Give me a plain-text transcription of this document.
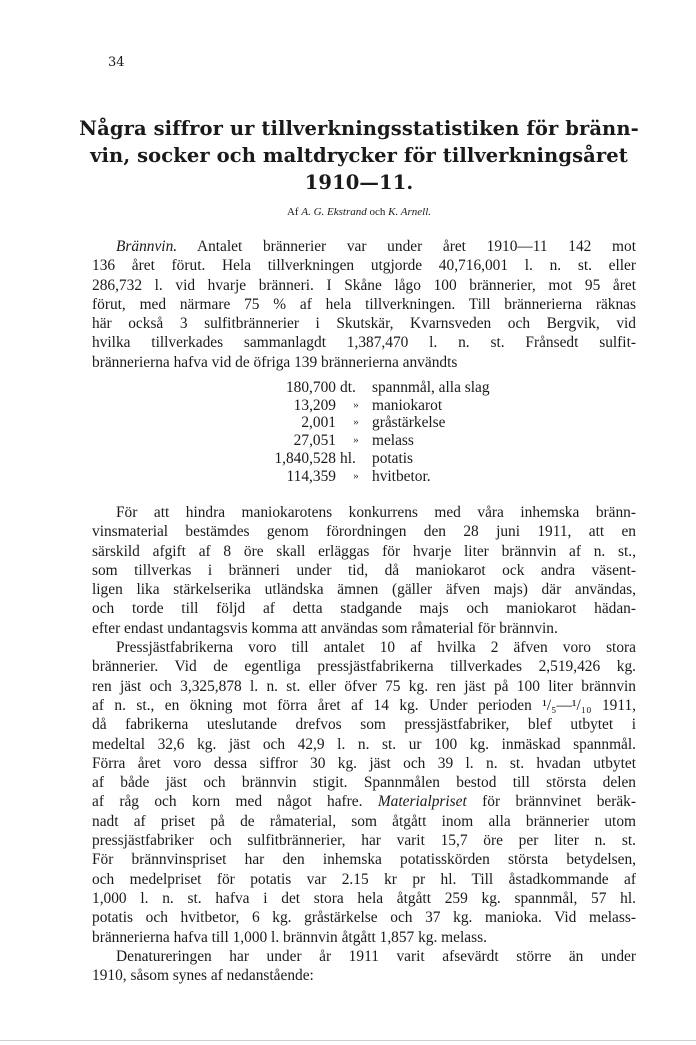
34
Några siffror ur tillverkningsstatistiken för bränn-
vin, socker och maltdrycker för tillverkningsåret
1910—11.
Af A. G. Ekstrand och K. Arnell.
Brännvin. Antalet brännerier var under året 1910—11 142 mot
136 året förut. Hela tillverkningen utgjorde 40,716,001 l. n. st. eller
286,732 l. vid hvarje bränneri. I Skåne lågo 100 brännerier, mot 95 året
förut, med närmare 75 % af hela tillverkningen. Till brännerierna räknas
här också 3 sulfitbrännerier i Skutskär, Kvarnsveden och Bergvik, vid
hvilka tillverkades sammanlagdt 1,387,470 l. n. st. Frånsedt sulfit-
brännerierna hafva vid de öfriga 139 brännerierna användts
180,700	dt.	spannmål, alla slag
13,209	»	maniokarot
2,001	»	gråstärkelse
27,051	»	melass
1,840,528	hl.	potatis
114,359	»	hvitbetor.
För att hindra maniokarotens konkurrens med våra inhemska bränn-
vinsmaterial bestämdes genom förordningen den 28 juni 1911, att en
särskild afgift af 8 öre skall erläggas för hvarje liter brännvin af n. st.,
som tillverkas i bränneri under tid, då maniokarot ock andra väsent-
ligen lika stärkelserika utländska ämnen (gäller äfven majs) där användas,
och torde till följd af detta stadgande majs och maniokarot hädan-
efter endast undantagsvis komma att användas som råmaterial för brännvin.
Pressjästfabrikerna voro till antalet 10 af hvilka 2 äfven voro stora
brännerier. Vid de egentliga pressjästfabrikerna tillverkades 2,519,426 kg.
ren jäst och 3,325,878 l. n. st. eller öfver 75 kg. ren jäst på 100 liter brännvin
af n. st., en ökning mot förra året af 14 kg. Under perioden ¹/₅—¹/₁₀ 1911,
då fabrikerna uteslutande drefvos som pressjästfabriker, blef utbytet i
medeltal 32,6 kg. jäst och 42,9 l. n. st. ur 100 kg. inmäskad spannmål.
Förra året voro dessa siffror 30 kg. jäst och 39 l. n. st. hvadan utbytet
af både jäst och brännvin stigit. Spannmålen bestod till största delen
af råg och korn med något hafre. Materialpriset för brännvinet beräk-
nadt af priset på de råmaterial, som åtgått inom alla brännerier utom
pressjästfabriker och sulfitbrännerier, har varit 15,7 öre per liter n. st.
För brännvinspriset har den inhemska potatisskörden största betydelsen,
och medelpriset för potatis var 2.15 kr pr hl. Till åstadkommande af
1,000 l. n. st. hafva i det stora hela åtgått 259 kg. spannmål, 57 hl.
potatis och hvitbetor, 6 kg. gråstärkelse och 37 kg. manioka. Vid melass-
brännerierna hafva till 1,000 l. brännvin åtgått 1,857 kg. melass.
Denatureringen har under år 1911 varit afsevärdt större än under
1910, såsom synes af nedanstående:
